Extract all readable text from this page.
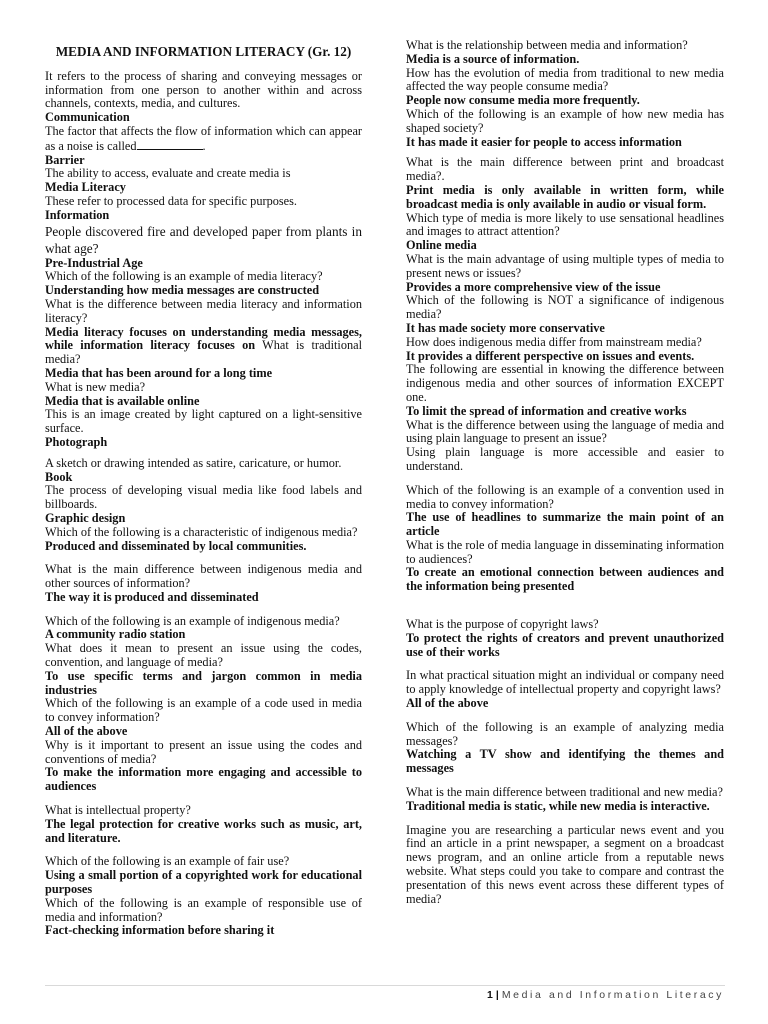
MEDIA AND INFORMATION LITERACY (Gr. 12)
It refers to the process of sharing and conveying messages or information from one person to another within and across channels, contexts, media, and cultures.
Communication
The factor that affects the flow of information which can appear as a noise is called	.
Barrier
The ability to access, evaluate and create media is
Media Literacy
These refer to processed data for specific purposes.
Information
People discovered fire and developed paper from plants in what age?
Pre-Industrial Age
Which of the following is an example of media literacy?
Understanding how media messages are constructed
What is the difference between media literacy and information literacy?
Media literacy focuses on understanding media messages, while information literacy focuses on What is traditional media?
Media that has been around for a long time
What is new media?
Media that is available online
This is an image created by light captured on a light-sensitive surface.
Photograph
A sketch or drawing intended as satire, caricature, or humor.
Book
The process of developing visual media like food labels and billboards.
Graphic design
Which of the following is a characteristic of indigenous media?
Produced and disseminated by local communities.
What is the main difference between indigenous media and other sources of information?
The way it is produced and disseminated
Which of the following is an example of indigenous media?
A community radio station
What does it mean to present an issue using the codes, convention, and language of media?
To use specific terms and jargon common in media industries
Which of the following is an example of a code used in media to convey information?
All of the above
Why is it important to present an issue using the codes and conventions of media?
To make the information more engaging and accessible to audiences
What is intellectual property?
The legal protection for creative works such as music, art, and literature.
Which of the following is an example of fair use?
Using a small portion of a copyrighted work for educational purposes
Which of the following is an example of responsible use of media and information?
Fact-checking information before sharing it
What is the relationship between media and information?
Media is a source of information.
How has the evolution of media from traditional to new media affected the way people consume media?
People now consume media more frequently.
Which of the following is an example of how new media has shaped society?
It has made it easier for people to access information
What is the main difference between print and broadcast media?.
Print media is only available in written form, while broadcast media is only available in audio or visual form.
Which type of media is more likely to use sensational headlines and images to attract attention?
Online media
What is the main advantage of using multiple types of media to present news or issues?
Provides a more comprehensive view of the issue
Which of the following is NOT a significance of indigenous media?
It has made society more conservative
How does indigenous media differ from mainstream media?
It provides a different perspective on issues and events.
The following are essential in knowing the difference between indigenous media and other sources of information EXCEPT one.
To limit the spread of information and creative works
What is the difference between using the language of media and using plain language to present an issue?
Using plain language is more accessible and easier to understand.
Which of the following is an example of a convention used in media to convey information?
The use of headlines to summarize the main point of an article
What is the role of media language in disseminating information to audiences?
To create an emotional connection between audiences and the information being presented
What is the purpose of copyright laws?
To protect the rights of creators and prevent unauthorized use of their works
In what practical situation might an individual or company need to apply knowledge of intellectual property and copyright laws?
All of the above
Which of the following is an example of analyzing media messages?
Watching a TV show and identifying the themes and messages
What is the main difference between traditional and new media?
Traditional media is static, while new media is interactive.
Imagine you are researching a particular news event and you find an article in a print newspaper, a segment on a broadcast news program, and an online article from a reputable news website. What steps could you take to compare and contrast the presentation of this news event across these different types of media?
1 | Media and Information Literacy
